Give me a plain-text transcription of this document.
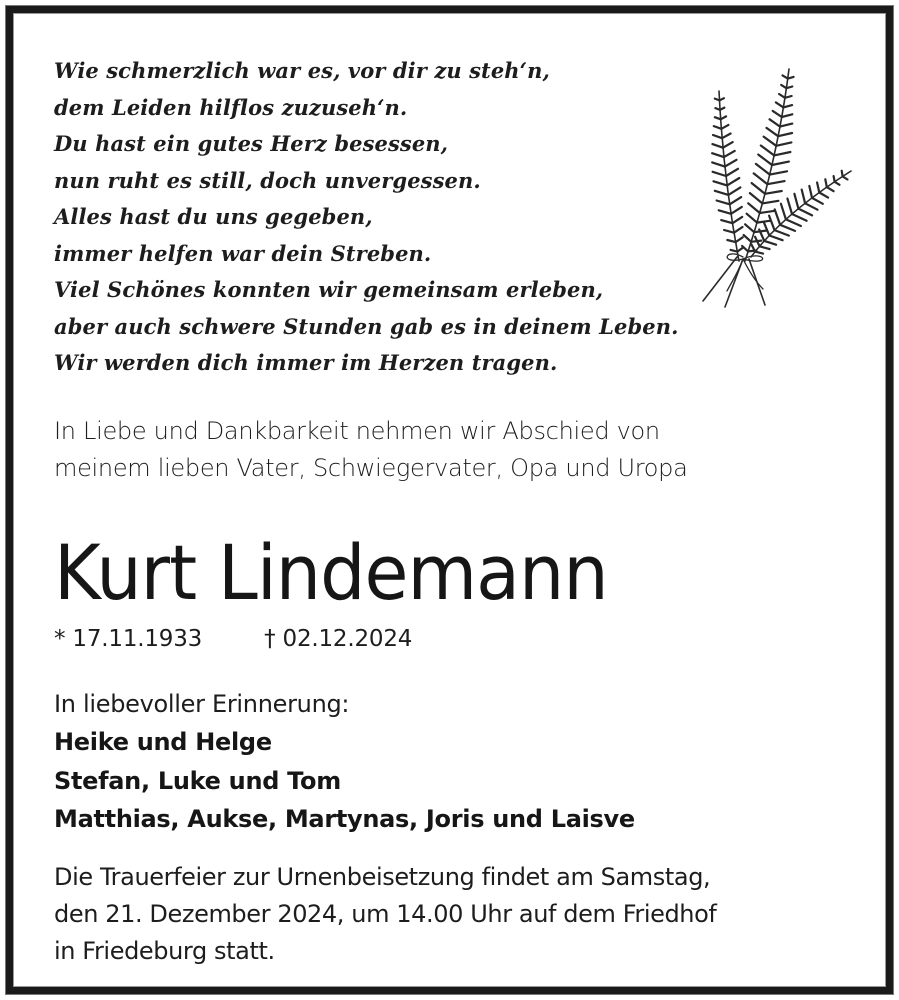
Wie schmerzlich war es, vor dir zu steh‘n,
dem Leiden hilflos zuzuseh‘n.
Du hast ein gutes Herz besessen,
nun ruht es still, doch unvergessen.
Alles hast du uns gegeben,
immer helfen war dein Streben.
Viel Schönes konnten wir gemeinsam erleben,
aber auch schwere Stunden gab es in deinem Leben.
Wir werden dich immer im Herzen tragen.
In Liebe und Dankbarkeit nehmen wir Abschied von
meinem lieben Vater, Schwiegervater, Opa und Uropa
Kurt Lindemann
* 17.11.1933	† 02.12.2024
In liebevoller Erinnerung:
Heike und Helge
Stefan, Luke und Tom
Matthias, Aukse, Martynas, Joris und Laisve
Die Trauerfeier zur Urnenbeisetzung findet am Samstag,
den 21. Dezember 2024, um 14.00 Uhr auf dem Friedhof
in Friedeburg statt.
